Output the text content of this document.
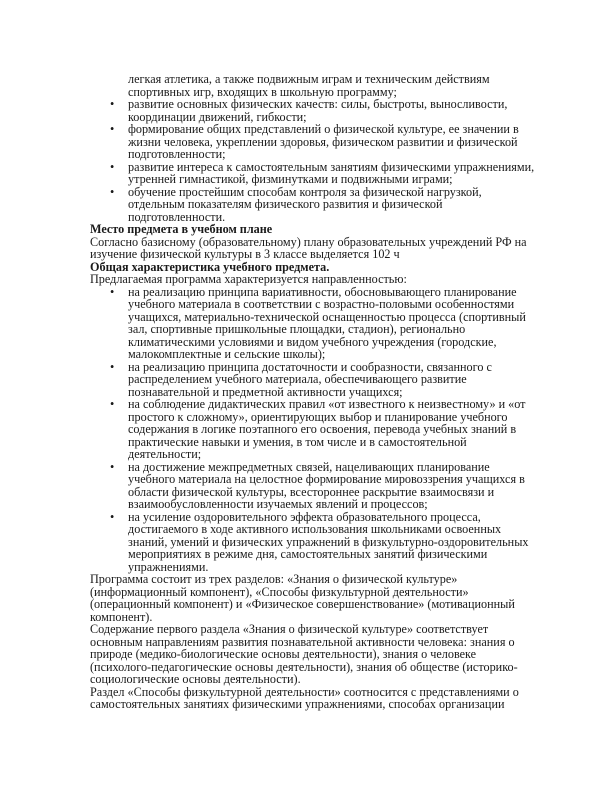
легкая атлетика, а также подвижным играм и техническим действиям
спортивных игр, входящих в школьную программу;
• развитие основных физических качеств: силы, быстроты, выносливости,
координации движений, гибкости;
• формирование общих представлений о физической культуре, ее значении в
жизни человека, укреплении здоровья, физическом развитии и физической
подготовленности;
• развитие интереса к самостоятельным занятиям физическими упражнениями,
утренней гимнастикой, физминутками и подвижными играми;
• обучение простейшим способам контроля за физической нагрузкой,
отдельным показателям физического развития и физической
подготовленности.
Место предмета в учебном плане
Согласно базисному (образовательному) плану образовательных учреждений РФ на
изучение физической культуры в 3 классе выделяется 102 ч
Общая характеристика учебного предмета.
Предлагаемая программа характеризуется направленностью:
• на реализацию принципа вариативности, обосновывающего планирование
учебного материала в соответствии с возрастно-половыми особенностями
учащихся, материально-технической оснащенностью процесса (спортивный
зал, спортивные пришкольные площадки, стадион), регионально
климатическими условиями и видом учебного учреждения (городские,
малокомплектные и сельские школы);
• на реализацию принципа достаточности и сообразности, связанного с
распределением учебного материала, обеспечивающего развитие
познавательной и предметной активности учащихся;
• на соблюдение дидактических правил «от известного к неизвестному» и «от
простого к сложному», ориентирующих выбор и планирование учебного
содержания в логике поэтапного его освоения, перевода учебных знаний в
практические навыки и умения, в том числе и в самостоятельной
деятельности;
• на достижение межпредметных связей, нацеливающих планирование
учебного материала на целостное формирование мировоззрения учащихся в
области физической культуры, всестороннее раскрытие взаимосвязи и
взаимообусловленности изучаемых явлений и процессов;
• на усиление оздоровительного эффекта образовательного процесса,
достигаемого в ходе активного использования школьниками освоенных
знаний, умений и физических упражнений в физкультурно-оздоровительных
мероприятиях в режиме дня, самостоятельных занятий физическими
упражнениями.
Программа состоит из трех разделов: «Знания о физической культуре»
(информационный компонент), «Способы физкультурной деятельности»
(операционный компонент) и «Физическое совершенствование» (мотивационный
компонент).
Содержание первого раздела «Знания о физической культуре» соответствует
основным направлениям развития познавательной активности человека: знания о
природе (медико-биологические основы деятельности), знания о человеке
(психолого-педагогические основы деятельности), знания об обществе (историко-
социологические основы деятельности).
Раздел «Способы физкультурной деятельности» соотносится с представлениями о
самостоятельных занятиях физическими упражнениями, способах организации
